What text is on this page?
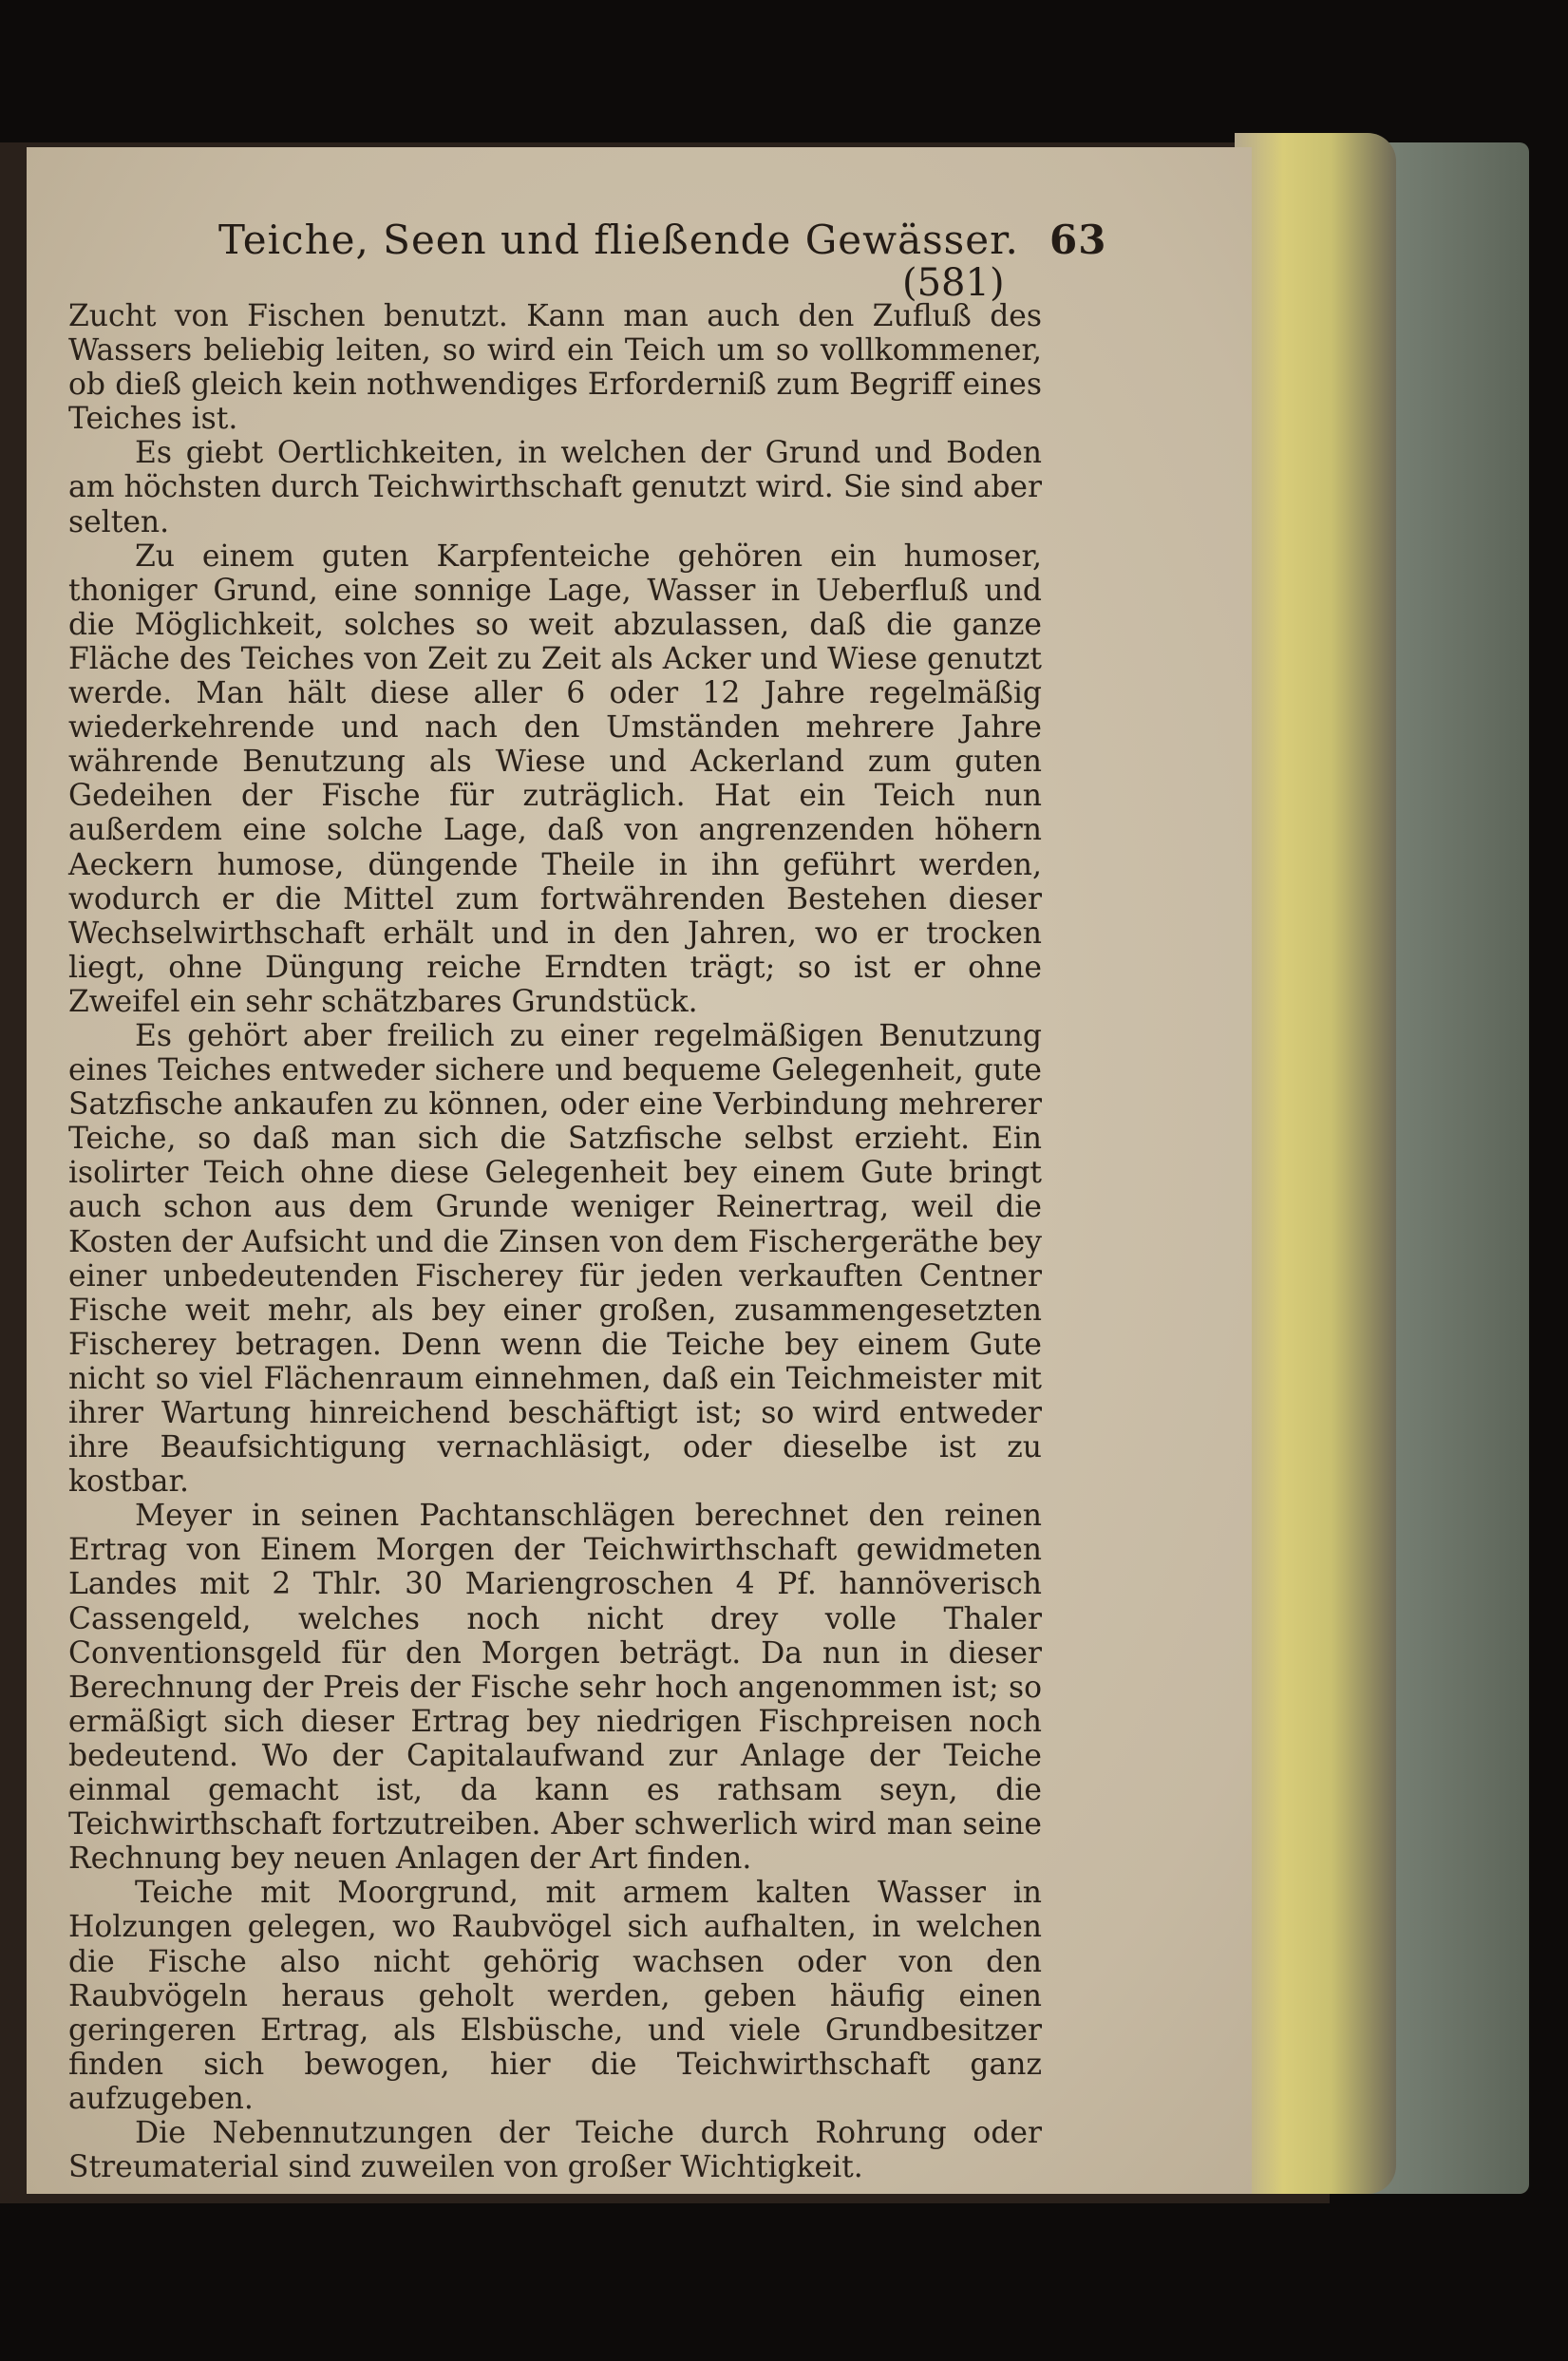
Teiche, Seen und fließende Gewässer. 63
(581)

Zucht von Fischen benutzt. Kann man auch den Zufluß des Wassers beliebig leiten, so wird ein Teich um so vollkommener, ob dieß gleich kein nothwendiges Erforderniß zum Begriff eines Teiches ist.

Es giebt Oertlichkeiten, in welchen der Grund und Boden am höchsten durch Teichwirthschaft genutzt wird. Sie sind aber selten.

Zu einem guten Karpfenteiche gehören ein humoser, thoniger Grund, eine sonnige Lage, Wasser in Ueberfluß und die Möglichkeit, solches so weit abzulassen, daß die ganze Fläche des Teiches von Zeit zu Zeit als Acker und Wiese genutzt werde. Man hält diese aller 6 oder 12 Jahre regelmäßig wiederkehrende und nach den Umständen mehrere Jahre währende Benutzung als Wiese und Ackerland zum guten Gedeihen der Fische für zuträglich. Hat ein Teich nun außerdem eine solche Lage, daß von angrenzenden höhern Aeckern humose, düngende Theile in ihn geführt werden, wodurch er die Mittel zum fortwährenden Bestehen dieser Wechselwirthschaft erhält und in den Jahren, wo er trocken liegt, ohne Düngung reiche Erndten trägt; so ist er ohne Zweifel ein sehr schätzbares Grundstück.

Es gehört aber freilich zu einer regelmäßigen Benutzung eines Teiches entweder sichere und bequeme Gelegenheit, gute Satzfische ankaufen zu können, oder eine Verbindung mehrerer Teiche, so daß man sich die Satzfische selbst erzieht. Ein isolirter Teich ohne diese Gelegenheit bey einem Gute bringt auch schon aus dem Grunde weniger Reinertrag, weil die Kosten der Aufsicht und die Zinsen von dem Fischergeräthe bey einer unbedeutenden Fischerey für jeden verkauften Centner Fische weit mehr, als bey einer großen, zusammengesetzten Fischerey betragen. Denn wenn die Teiche bey einem Gute nicht so viel Flächenraum einnehmen, daß ein Teichmeister mit ihrer Wartung hinreichend beschäftigt ist; so wird entweder ihre Beaufsichtigung vernachläsigt, oder dieselbe ist zu kostbar.

Meyer in seinen Pachtanschlägen berechnet den reinen Ertrag von Einem Morgen der Teichwirthschaft gewidmeten Landes mit 2 Thlr. 30 Mariengroschen 4 Pf. hannöverisch Cassengeld, welches noch nicht drey volle Thaler Conventionsgeld für den Morgen beträgt. Da nun in dieser Berechnung der Preis der Fische sehr hoch angenommen ist; so ermäßigt sich dieser Ertrag bey niedrigen Fischpreisen noch bedeutend. Wo der Capitalaufwand zur Anlage der Teiche einmal gemacht ist, da kann es rathsam seyn, die Teichwirthschaft fortzutreiben. Aber schwerlich wird man seine Rechnung bey neuen Anlagen der Art finden.

Teiche mit Moorgrund, mit armem kalten Wasser in Holzungen gelegen, wo Raubvögel sich aufhalten, in welchen die Fische also nicht gehörig wachsen oder von den Raubvögeln heraus geholt werden, geben häufig einen geringeren Ertrag, als Elsbüsche, und viele Grundbesitzer finden sich bewogen, hier die Teichwirthschaft ganz aufzugeben.

Die Nebennutzungen der Teiche durch Rohrung oder Streumaterial sind zuweilen von großer Wichtigkeit.
